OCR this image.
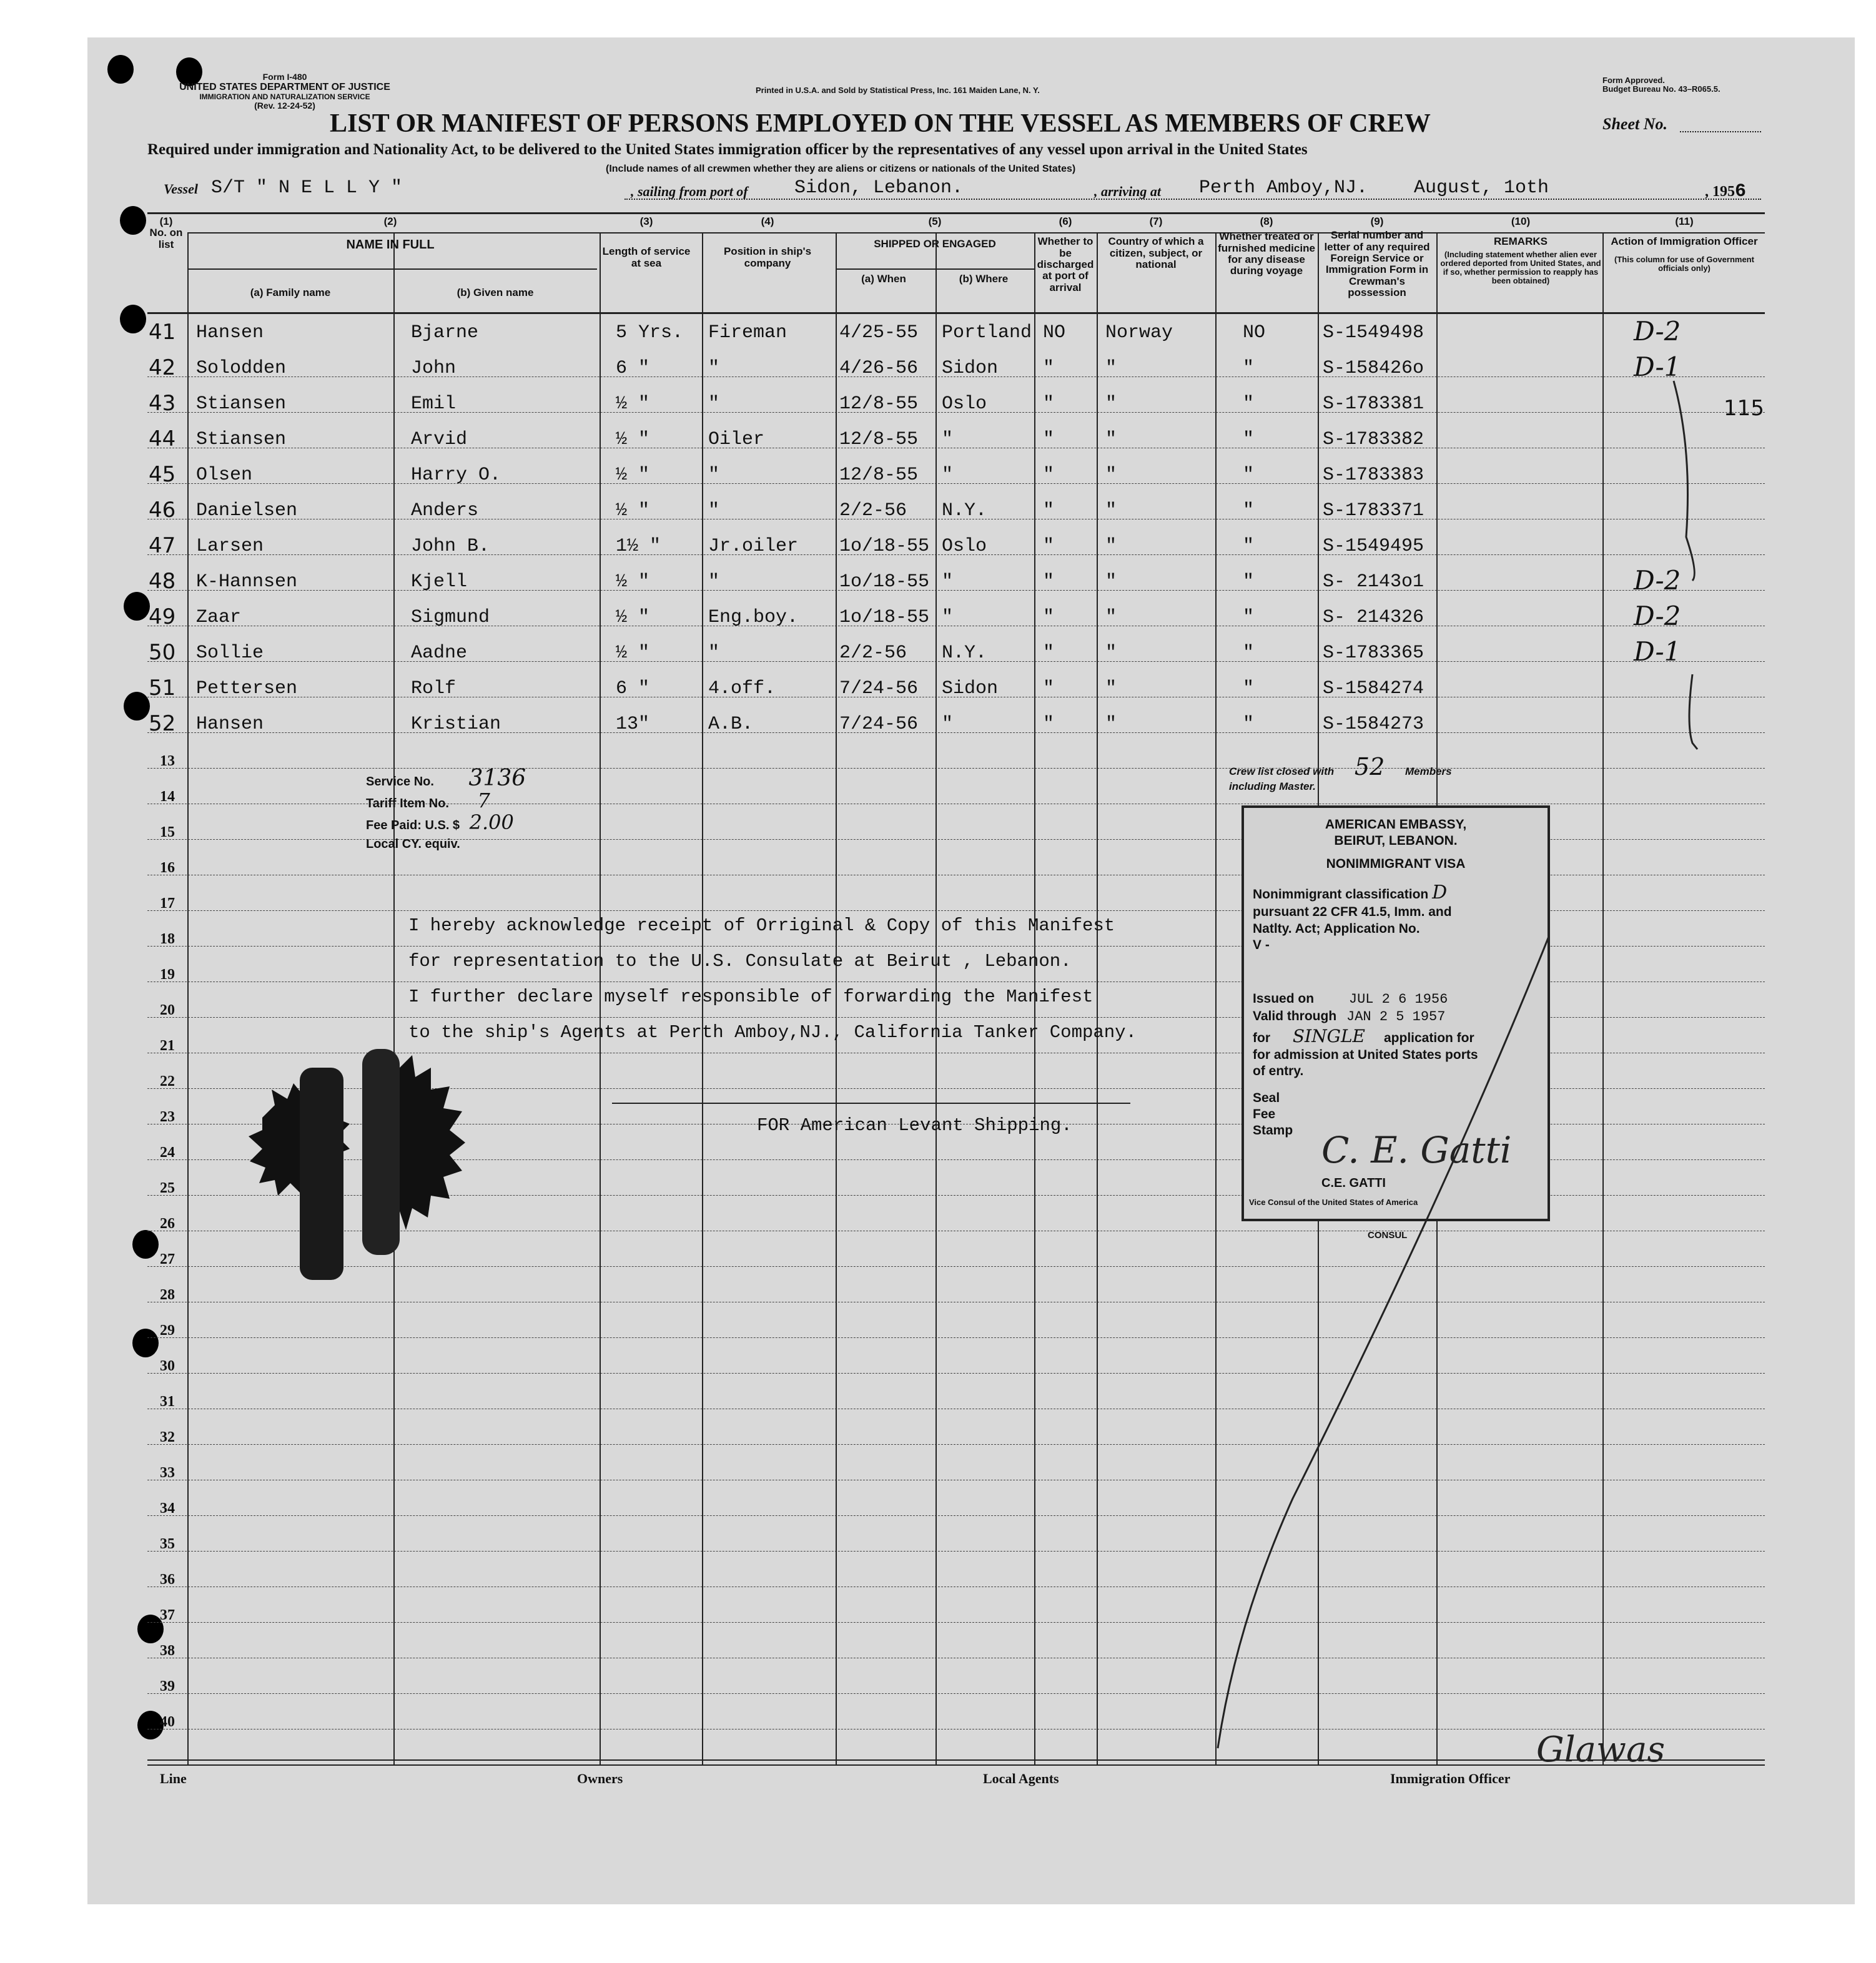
Form I-480
UNITED STATES DEPARTMENT OF JUSTICE
IMMIGRATION AND NATURALIZATION SERVICE
(Rev. 12-24-52)
Printed in U.S.A. and Sold by Statistical Press, Inc. 161 Maiden Lane, N. Y.
Form Approved.
Budget Bureau No. 43–R065.5.
LIST OR MANIFEST OF PERSONS EMPLOYED ON THE VESSEL AS MEMBERS OF CREW	Sheet No.
Required under immigration and Nationality Act, to be delivered to the United States immigration officer by the representatives of any vessel upon arrival in the United States
(Include names of all crewmen whether they are aliens or citizens or nationals of the United States)
Vessel S/T " N E L L Y "	, sailing from port of Sidon, Lebanon.	, arriving at Perth Amboy,NJ. August, 1oth	, 1956
(1)
No. on list
(2)
NAME IN FULL
(a) Family name	(b) Given name
(3)
Length of service at sea
(4)
Position in ship's company
(5)
SHIPPED OR ENGAGED
(a) When	(b) Where
(6)
Whether to be discharged at port of arrival
(7)
Country of which a citizen, subject, or national
(8)
Whether treated or furnished medicine for any disease during voyage
(9)
Serial number and letter of any required Foreign Service or Immigration Form in Crewman's possession
(10)
REMARKS
(Including statement whether alien ever ordered deported from United States, and if so, whether permission to reapply has been obtained)
(11)
Action of Immigration Officer
(This column for use of Government officials only)
41 Hansen	Bjarne	5 Yrs. Fireman	4/25-55 Portland NO Norway	NO	S-1549498	D-2
42 Solodden	John	6 "	"	4/26-56 Sidon "	"	"	S-158426o	D-1
43 Stiansen	Emil	½ "	"	12/8-55 Oslo	"	"	"	S-1783381
44 Stiansen	Arvid	½ "	Oiler	12/8-55 "	"	"	"	S-1783382
45 Olsen	Harry O.	½ "	"	12/8-55 "	"	"	"	S-1783383
46 Danielsen	Anders	½ "	"	2/2-56 N.Y.	"	"	"	S-1783371
47 Larsen	John B.	1½ "	Jr.oiler 1o/18-55 Oslo	"	"	"	S-1549495
48 K-Hannsen	Kjell	½ "	"	1o/18-55 "	"	"	"	S- 2143o1	D-2
49 Zaar	Sigmund	½ "	Eng.boy. 1o/18-55 "	"	"	"	S- 214326	D-2
50 Sollie	Aadne	½ "	"	2/2-56 N.Y.	"	"	"	S-1783365	D-1
51 Pettersen	Rolf	6 "	4.off.	7/24-56 Sidon "	"	"	S-1584274
52 Hansen	Kristian	13"	A.B.	7/24-56 "	"	"	"	S-1584273
13
14
15
16
17
18
19
20
21
22
23
24
25
26
27
28
29
30
31
32
33
34
35
36
37
38
39
40
115
Service No. 3136
Tariff Item No. 7
Fee Paid: U.S. $ 2.00
Local CY. equiv.
I hereby acknowledge receipt of Orriginal & Copy of this Manifest
for representation to the U.S. Consulate at Beirut , Lebanon.
I further declare myself responsible of forwarding the Manifest
to the ship's Agents at Perth Amboy,NJ., California Tanker Company.
FOR American Levant Shipping.
Crew list closed with 52 Members
including Master.
AMERICAN EMBASSY,
BEIRUT, LEBANON.
NONIMMIGRANT VISA
Nonimmigrant classification D
pursuant 22 CFR 41.5, Imm. and
Natlty. Act; Application No.
V -
Issued on	JUL 2 6 1956
Valid through JAN 2 5 1957
for SINGLE application for
for admission at United States ports
of entry.
Seal
Fee
Stamp C. E. Gatti
C.E. GATTI
Vice Consul of the United States of America
CONSUL
Line	Owners	Local Agents	Immigration Officer
Glawas
